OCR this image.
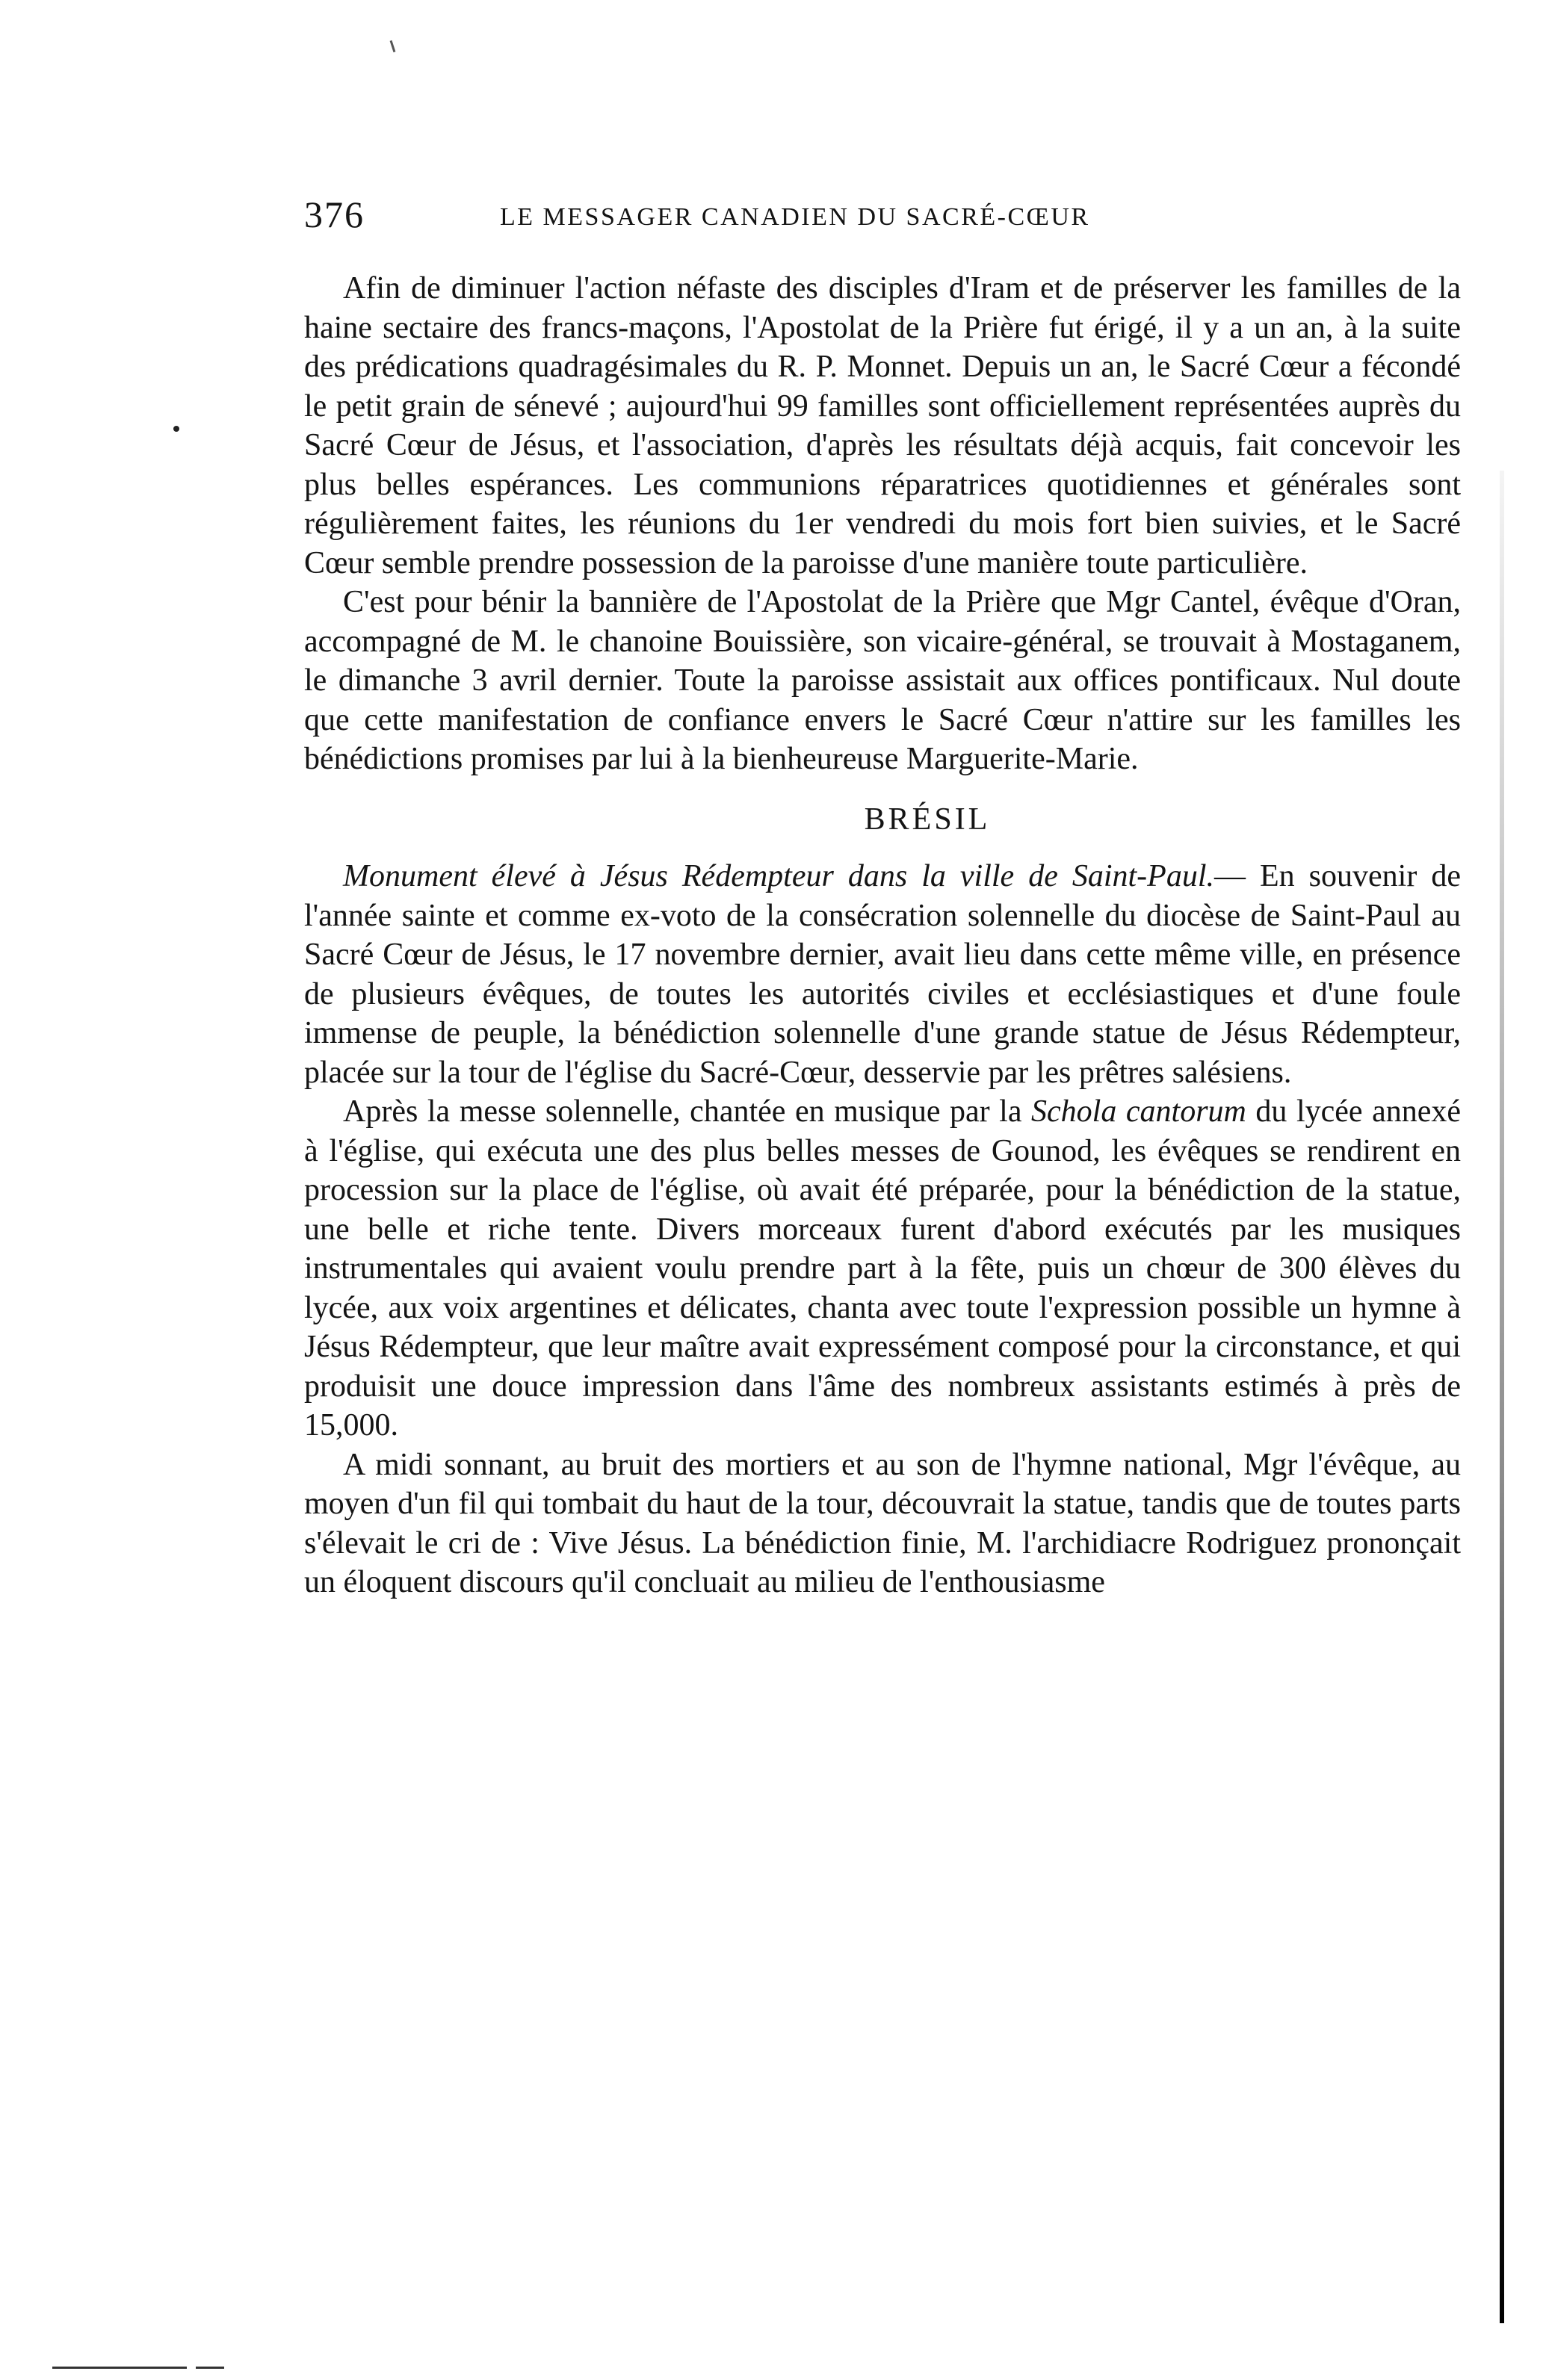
376	LE MESSAGER CANADIEN DU SACRÉ-CŒUR

Afin de diminuer l'action néfaste des disciples d'Iram et de préserver les familles de la haine sectaire des francs-maçons, l'Apostolat de la Prière fut érigé, il y a un an, à la suite des prédications quadragésimales du R. P. Monnet. Depuis un an, le Sacré Cœur a fécondé le petit grain de sénevé ; aujourd'hui 99 familles sont officiellement représentées auprès du Sacré Cœur de Jésus, et l'association, d'après les résultats déjà acquis, fait concevoir les plus belles espérances. Les communions réparatrices quotidiennes et générales sont régulièrement faites, les réunions du 1er vendredi du mois fort bien suivies, et le Sacré Cœur semble prendre possession de la paroisse d'une manière toute particulière.

C'est pour bénir la bannière de l'Apostolat de la Prière que Mgr Cantel, évêque d'Oran, accompagné de M. le chanoine Bouissière, son vicaire-général, se trouvait à Mostaganem, le dimanche 3 avril dernier. Toute la paroisse assistait aux offices pontificaux. Nul doute que cette manifestation de confiance envers le Sacré Cœur n'attire sur les familles les bénédictions promises par lui à la bienheureuse Marguerite-Marie.

BRÉSIL

Monument élevé à Jésus Rédempteur dans la ville de Saint-Paul.— En souvenir de l'année sainte et comme ex-voto de la consécration solennelle du diocèse de Saint-Paul au Sacré Cœur de Jésus, le 17 novembre dernier, avait lieu dans cette même ville, en présence de plusieurs évêques, de toutes les autorités civiles et ecclésiastiques et d'une foule immense de peuple, la bénédiction solennelle d'une grande statue de Jésus Rédempteur, placée sur la tour de l'église du Sacré-Cœur, desservie par les prêtres salésiens.

Après la messe solennelle, chantée en musique par la Schola cantorum du lycée annexé à l'église, qui exécuta une des plus belles messes de Gounod, les évêques se rendirent en procession sur la place de l'église, où avait été préparée, pour la bénédiction de la statue, une belle et riche tente. Divers morceaux furent d'abord exécutés par les musiques instrumentales qui avaient voulu prendre part à la fête, puis un chœur de 300 élèves du lycée, aux voix argentines et délicates, chanta avec toute l'expression possible un hymne à Jésus Rédempteur, que leur maître avait expressément composé pour la circonstance, et qui produisit une douce impression dans l'âme des nombreux assistants estimés à près de 15,000.

A midi sonnant, au bruit des mortiers et au son de l'hymne national, Mgr l'évêque, au moyen d'un fil qui tombait du haut de la tour, découvrait la statue, tandis que de toutes parts s'élevait le cri de : Vive Jésus. La bénédiction finie, M. l'archidiacre Rodriguez prononçait un éloquent discours qu'il concluait au milieu de l'enthousiasme
